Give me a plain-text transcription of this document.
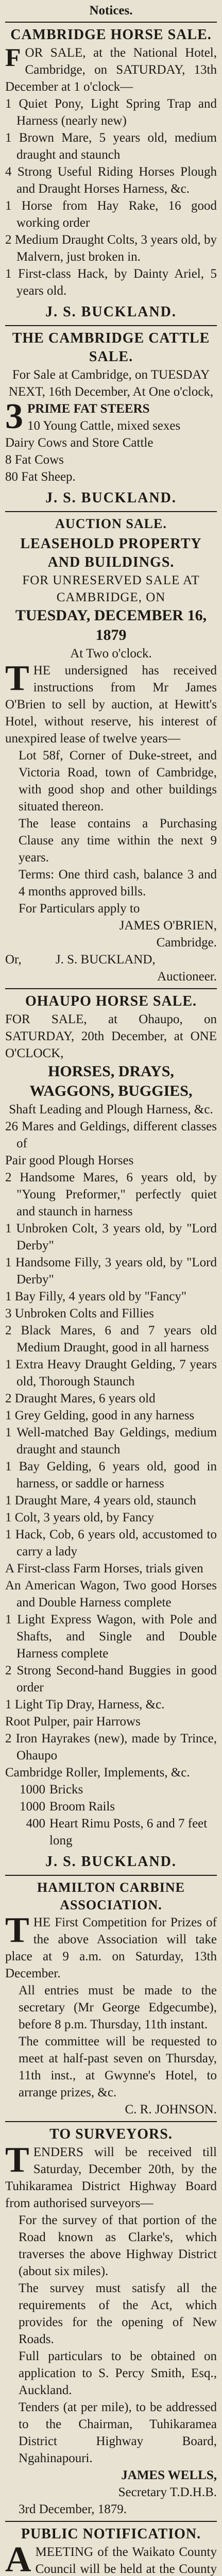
Notices.
CAMBRIDGE HORSE SALE.
F OR SALE, at the National Hotel, Cambridge, on SATURDAY, 13th December at 1 o'clock—

1 Quiet Pony, Light Spring Trap and Harness (nearly new)

1 Brown Mare, 5 years old, medium draught and staunch

4 Strong Useful Riding Horses Plough and Draught Horses Harness, &c.

1 Horse from Hay Rake, 16 good working order

2 Medium Draught Colts, 3 years old, by Malvern, just broken in.

1 First-class Hack, by Dainty Ariel, 5 years old.

J. S. BUCKLAND.
THE CAMBRIDGE CATTLE SALE.

For Sale at Cambridge, on TUESDAY NEXT, 16th December, At One o'clock,

3 PRIME FAT STEERS

10 Young Cattle, mixed sexes

Dairy Cows and Store Cattle

8 Fat Cows

80 Fat Sheep.

J. S. BUCKLAND.
AUCTION SALE.
LEASEHOLD PROPERTY AND BUILDINGS.

FOR UNRESERVED SALE AT CAMBRIDGE, ON

TUESDAY, DECEMBER 16, 1879

At Two o'clock.

T HE undersigned has received instructions from Mr James O'Brien to sell by auction, at Hewitt's Hotel, without reserve, his interest of unexpired lease of twelve years—

Lot 58f, Corner of Duke-street, and Victoria Road, town of Cambridge, with good shop and other buildings situated thereon.

The lease contains a Purchasing Clause any time within the next 9 years.

Terms: One third cash, balance 3 and 4 months approved bills.

For Particulars apply to

JAMES O'BRIEN,

Cambridge.

Or,	J. S. BUCKLAND,

Auctioneer.

OHAUPO HORSE SALE.

FOR SALE, at Ohaupo, on SATURDAY, 20th December, at ONE O'CLOCK,

HORSES, DRAYS, WAGGONS, BUGGIES,

Shaft Leading and Plough Harness, &c.

26 Mares and Geldings, different classes of

Pair good Plough Horses

2 Handsome Mares, 6 years old, by "Young Preformer," perfectly quiet and staunch in harness

1 Unbroken Colt, 3 years old, by "Lord Derby"

1 Handsome Filly, 3 years old, by "Lord Derby"

1 Bay Filly, 4 years old by "Fancy"

3 Unbroken Colts and Fillies

2 Black Mares, 6 and 7 years old Medium Draught, good in all harness

1 Extra Heavy Draught Gelding, 7 years old, Thorough Staunch

2 Draught Mares, 6 years old

1 Grey Gelding, good in any harness

1 Well-matched Bay Geldings, medium draught and staunch

1 Bay Gelding, 6 years old, good in harness, or saddle or harness

1 Draught Mare, 4 years old, staunch

1 Colt, 3 years old, by Fancy

1 Hack, Cob, 6 years old, accustomed to carry a lady

A First-class Farm Horses, trials given

An American Wagon, Two good Horses and Double Harness complete

1 Light Express Wagon, with Pole and Shafts, and Single and Double Harness complete

2 Strong Second-hand Buggies in good order

1 Light Tip Dray, Harness, &c.

Root Pulper, pair Harrows

2 Iron Hayrakes (new), made by Trince, Ohaupo

Cambridge Roller, Implements, &c.

1000	Bricks
1000	Broom Rails
400	Heart Rimu Posts, 6 and 7 feet long
J. S. BUCKLAND.
HAMILTON CARBINE ASSOCIATION.
T HE First Competition for Prizes of the above Association will take place at 9 a.m. on Saturday, 13th December.

All entries must be made to the secretary (Mr George Edgecumbe), before 8 p.m. Thursday, 11th instant.

The committee will be requested to meet at half-past seven on Thursday, 11th inst., at Gwynne's Hotel, to arrange prizes, &c.

C. R. JOHNSON.

TO SURVEYORS.
T ENDERS will be received till Saturday, December 20th, by the Tuhikaramea District Highway Board from authorised surveyors—

For the survey of that portion of the Road known as Clarke's, which traverses the above Highway District (about six miles).

The survey must satisfy all the requirements of the Act, which provides for the opening of New Roads.

Full particulars to be obtained on application to S. Percy Smith, Esq., Auckland.

Tenders (at per mile), to be addressed to the Chairman, Tuhikaramea District Highway Board, Ngahinapouri.

JAMES WELLS,

Secretary T.D.H.B.

3rd December, 1879.

PUBLIC NOTIFICATION.
A MEETING of the Waikato County Council will be held at the County
